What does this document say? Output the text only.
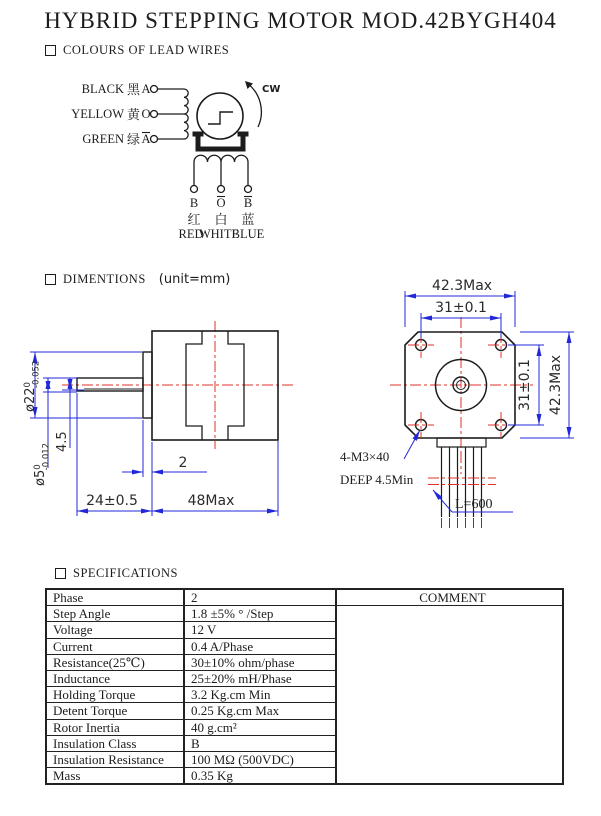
HYBRID STEPPING MOTOR MOD.42BYGH404
COLOURS OF LEAD WIRES
BLACK 黑 A
YELLOW 黄 O
GREEN 绿 A
CW
B O B
红 白 蓝
RED
WHITE
BLUE
DIMENTIONS (unit=mm)
$ø22^0-0.052$
$ø5^0-0.012$
4.5
2
24±0.5	48Max
42.3Max
31±0.1
31±0.1 42.3Max
4-M3×40
DEEP 4.5Min
L=600
SPECIFICATIONS
Phase	2	COMMENT
Step Angle	1.8 ±5% ° /Step	
Voltage	12 V	
Current	0.4 A/Phase	
Resistance(25℃)	30±10% ohm/phase	
Inductance	25±20% mH/Phase	
Holding Torque	3.2 Kg.cm Min	
Detent Torque	0.25 Kg.cm Max	
Rotor Inertia	40 g.cm²	
Insulation Class	B	
Insulation Resistance	100 MΩ (500VDC)	
Mass	0.35 Kg	
